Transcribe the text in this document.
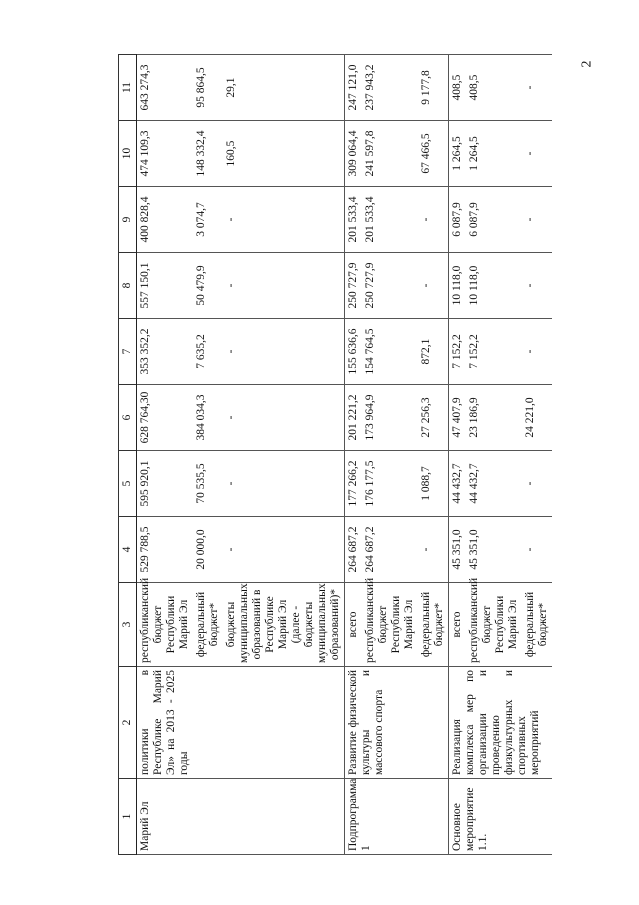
2
1	2	3	4	5	6	7	8	9	10	11
Марий Эл	политики в Республике Марий Эл» на 2013 - 2025 годы	республиканский бюджет Республики Марий Эл	529 788,5	595 920,1	628 764,30	353 352,2	557 150,1	400 828,4	474 109,3	643 274,3
		федеральный бюджет*	20 000,0	70 535,5	384 034,3	7 635,2	50 479,9	3 074,7	148 332,4	95 864,5
		бюджеты муниципальных образований в Республике Марий Эл (далее - бюджеты муниципальных образований)*	-	-	-	-	-	-	160,5	29,1
Подпрограмма 1	Развитие физической культуры и массового спорта	всего	264 687,2	177 266,2	201 221,2	155 636,6	250 727,9	201 533,4	309 064,4	247 121,0
		республиканский бюджет Республики Марий Эл	264 687,2	176 177,5	173 964,9	154 764,5	250 727,9	201 533,4	241 597,8	237 943,2
		федеральный бюджет*	-	1 088,7	27 256,3	872,1	-	-	67 466,5	9 177,8
Основное мероприятие 1.1.	Реализация комплекса мер по организации и проведению физкультурных и спортивных мероприятий	всего	45 351,0	44 432,7	47 407,9	7 152,2	10 118,0	6 087,9	1 264,5	408,5
		республиканский бюджет Республики Марий Эл	45 351,0	44 432,7	23 186,9	7 152,2	10 118,0	6 087,9	1 264,5	408,5
		федеральный бюджет*	-	-	24 221,0	-	-	-	-	-
